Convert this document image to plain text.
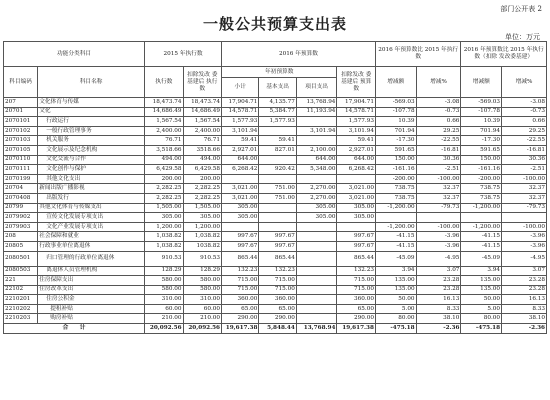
部门公开表 2
一般公共预算支出表
单位：万元
功能分类科目		2015 年执行数		2016 年预算数				2016 年预算数比 2015 年执行数		2016 年预算数比 2015 年执行数（扣除 发改委基建）	
科目编码	科目名称	执行数	扣除发改 委基建后 执行数	年初预算数			扣除发改 委基建后 预算数	增减额	增减%	增减额	增减%
				小计	基本支出	项目支出					
207	文化体育与传媒	18,473.74	18,473.74	17,904.71	4,135.77	13,768.94	17,904.71	-569.03	-3.08	-569.03	-3.08
20701	文化	14,686.49	14,686.49	14,578.71	5,384.77	11,193.94	14,578.71	-107.78	-0.73	-107.78	-0.73
2070101	行政运行	1,567.54	1,567.54	1,577.93	1,577.93		1,577.93	10.39	0.66	10.39	0.66
2070102	一般行政管理事务	2,400.00	2,400.00	3,101.94		3,101.94	3,101.94	701.94	29.25	701.94	29.25
2070103	机关服务	76.71	76.71	59.41	59.41		59.41	-17.30	-22.55	-17.30	-22.55
2070105	文化展示及纪念机构	3,518.66	3518.66	2,927.01	827.01	2,100.00	2,927.01	591.65	-16.81	591.65	-16.81
2070110	文化交流与合作	494.00	494.00	644.00		644.00	644.00	150.00	30.36	150.00	30.36
2070111	文化创作与保护	6,429.58	6,429.58	6,268.42	920.42	5,348.00	6,268.42	-161.16	-2.51	-161.16	-2.51
2070199	其他文化支出	200.00	200.00					-200.00	-100.00	-200.00	-100.00
20704	新闻出版广播影视	2,282.25	2,282.25	3,021.00	751.00	2,270.00	3,021.00	738.75	32.37	738.75	32.37
2070408	出版发行	2,282.25	2,282.25	3,021.00	751.00	2,270.00	3,021.00	738.75	32.37	738.75	32.37
20799	其他文化体育与传媒支出	1,505.00	1,505.00	305.00		305.00	305.00	-1,200.00	-79.73	-1,200.00	-79.73
2079902	宣传文化发展专项支出	305.00	305.00	305.00		305.00	305.00				
2079903	文化产业发展专项支出	1,200.00	1,200.00					-1,200.00	-100.00	-1,200.00	-100.00
208	社会保障和就业	1,038.82	1,038.82	997.67	997.67		997.67	-41.15	-3.96	-41.15	-3.96
20805	行政事业单位离退休	1,038.82	1038.82	997.67	997.67		997.67	-41.15	-3.96	-41.15	-3.96
2080501	归口管理的行政单位离退休	910.53	910.53	865.44	865.44		865.44	-45.09	-4.95	-45.09	-4.95
2080503	离退休人员管理机构	128.29	128.29	132.23	132.23		132.23	3.94	3.07	3.94	3.07
221	住房保障支出	580.00	580.00	715.00	715.00		715.00	135.00	23.28	135.00	23.28
22102	住房改革支出	580.00	580.00	715.00	715.00		715.00	135.00	23.28	135.00	23.28
2210201	住房公积金	310.00	310.00	360.00	360.00		360.00	50.00	16.13	50.00	16.13
2210202	提租补贴	60.00	60.00	65.00	65.00		65.00	5.00	8.33	5.00	8.33
2210203	购房补贴	210.00	210.00	290.00	290.00		290.00	80.00	38.10	80.00	38.10
合　　计		20,092.56	20,092.56	19,617.38	5,848.44	13,768.94	19,617.38	-475.18	-2.36	-475.18	-2.36
